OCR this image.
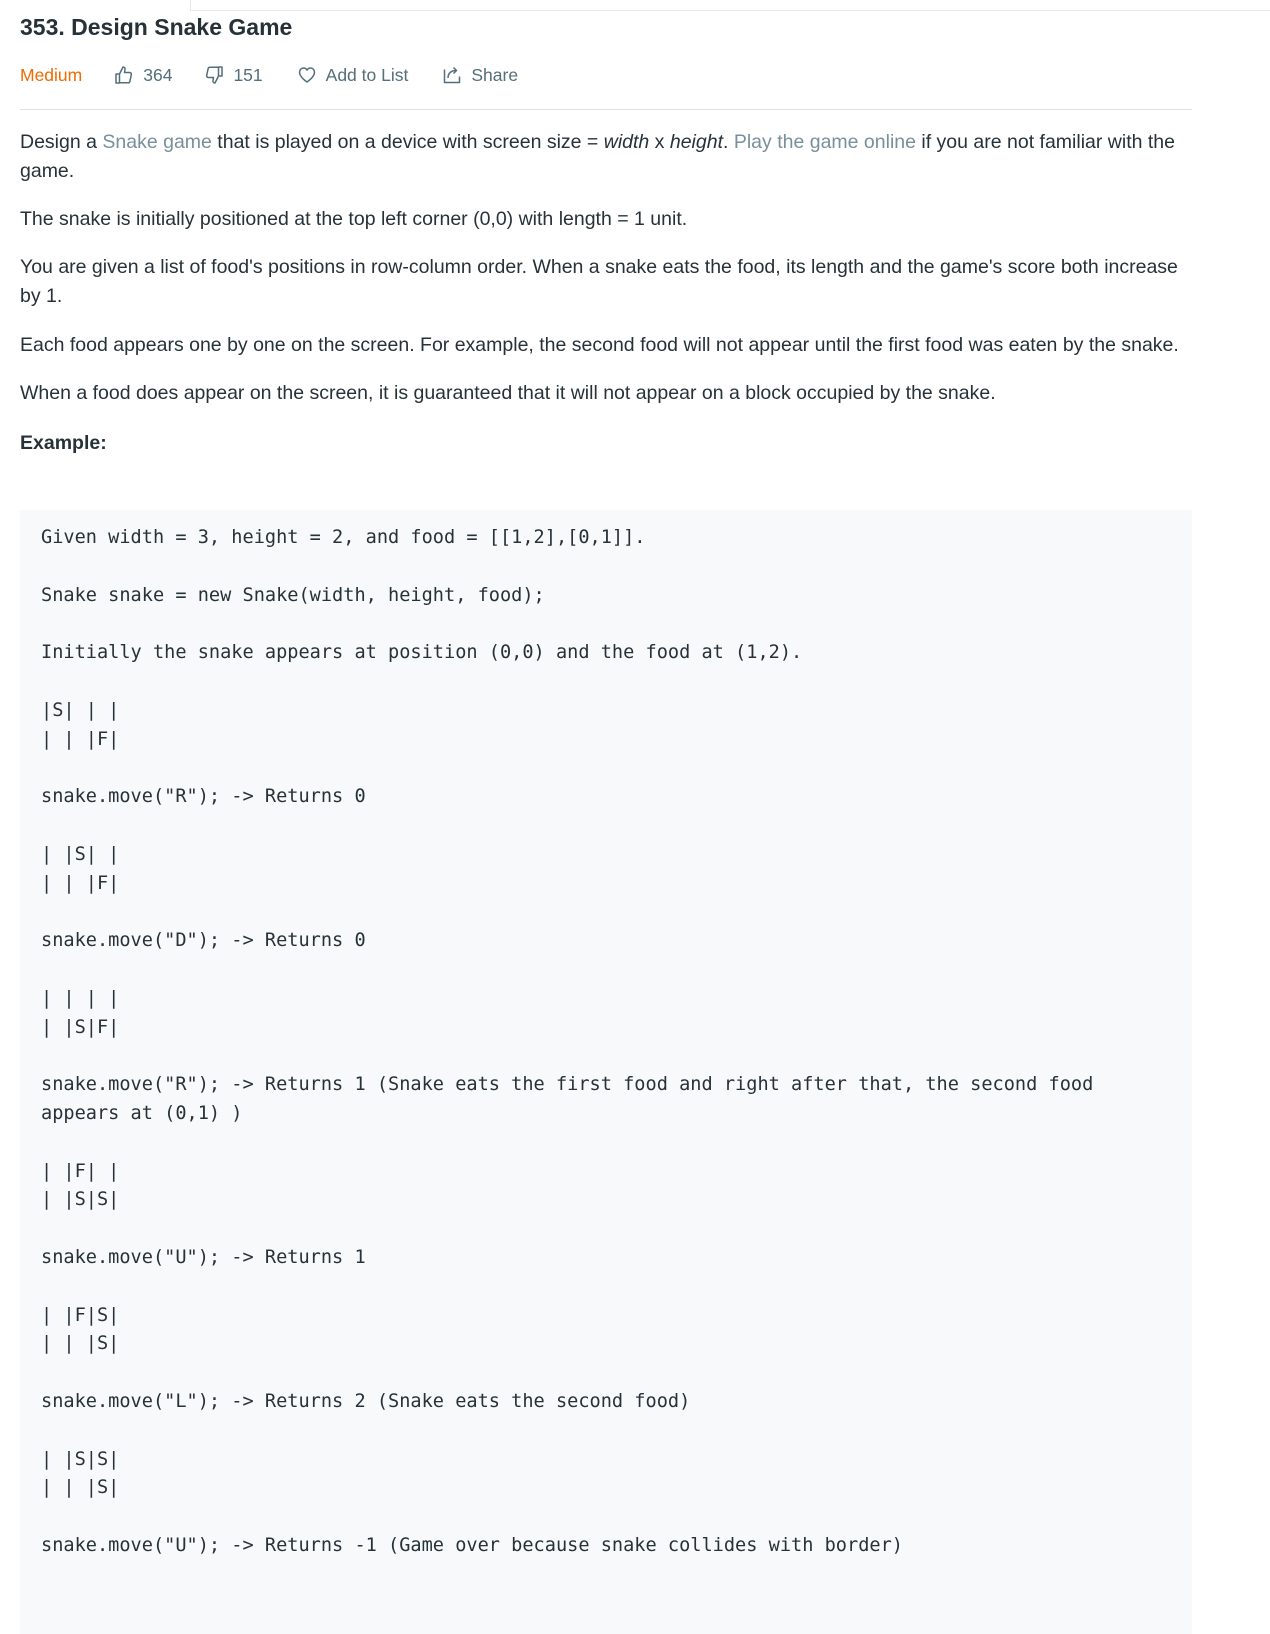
353. Design Snake Game
Medium	364	151	Add to List	Share

Design a Snake game that is played on a device with screen size = width x height. Play the game online if you are not familiar with the game.

The snake is initially positioned at the top left corner (0,0) with length = 1 unit.

You are given a list of food's positions in row-column order. When a snake eats the food, its length and the game's score both increase by 1.

Each food appears one by one on the screen. For example, the second food will not appear until the first food was eaten by the snake.

When a food does appear on the screen, it is guaranteed that it will not appear on a block occupied by the snake.

Example:

Given width = 3, height = 2, and food = [[1,2],[0,1]].
Snake snake = new Snake(width, height, food);
Initially the snake appears at position (0,0) and the food at (1,2).
|S| | |
| | |F|
snake.move("R"); -> Returns 0
| |S| |
| | |F|
snake.move("D"); -> Returns 0
| | | |
| |S|F|
snake.move("R"); -> Returns 1 (Snake eats the first food and right after that, the second food
appears at (0,1) )
| |F| |
| |S|S|
snake.move("U"); -> Returns 1
| |F|S|
| | |S|
snake.move("L"); -> Returns 2 (Snake eats the second food)
| |S|S|
| | |S|
snake.move("U"); -> Returns -1 (Game over because snake collides with border)
